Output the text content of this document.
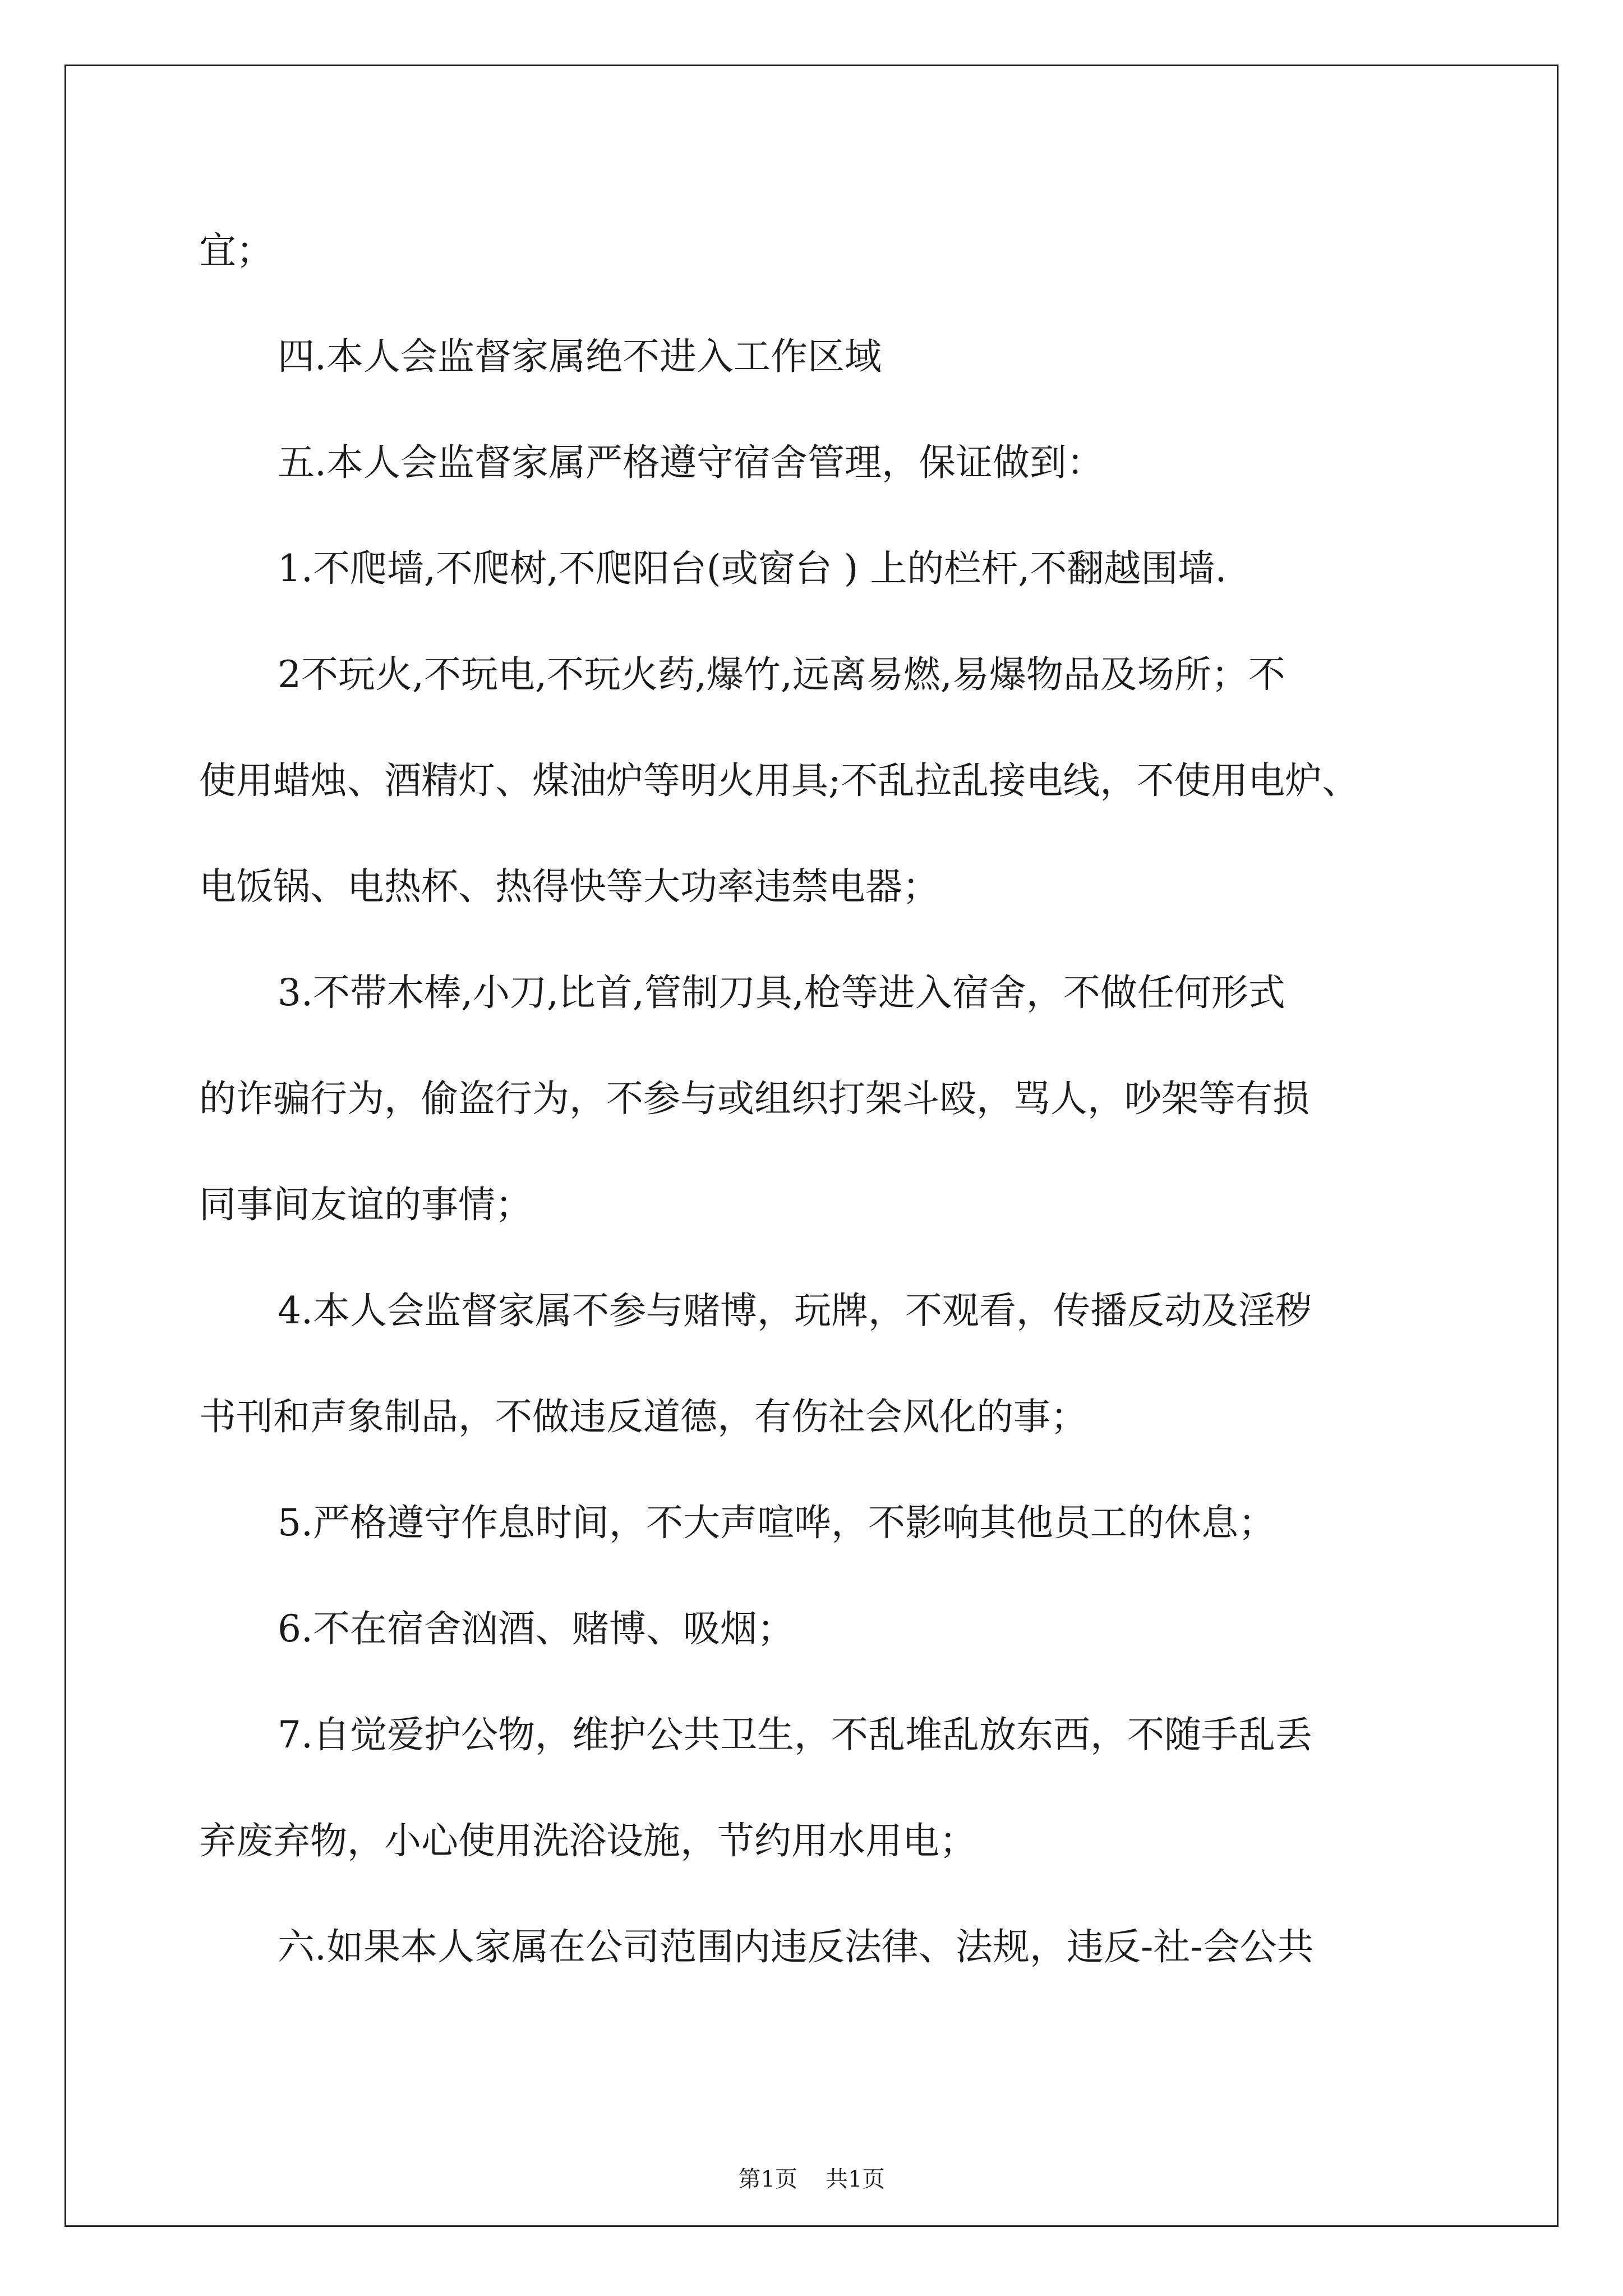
宜；
四.本人会监督家属绝不进入工作区域
五.本人会监督家属严格遵守宿舍管理，保证做到：
1.不爬墙,不爬树,不爬阳台(或窗台 ) 上的栏杆,不翻越围墙.
2不玩火,不玩电,不玩火药,爆竹,远离易燃,易爆物品及场所；不
使用蜡烛、酒精灯、煤油炉等明火用具;不乱拉乱接电线，不使用电炉、
电饭锅、电热杯、热得快等大功率违禁电器；
3.不带木棒,小刀,比首,管制刀具,枪等进入宿舍，不做任何形式
的诈骗行为，偷盗行为，不参与或组织打架斗殴，骂人，吵架等有损
同事间友谊的事情；
4.本人会监督家属不参与赌博，玩牌，不观看，传播反动及淫秽
书刊和声象制品，不做违反道德，有伤社会风化的事；
5.严格遵守作息时间，不大声喧哗，不影响其他员工的休息；
6.不在宿舍汹酒、赌博、吸烟；
7.自觉爱护公物，维护公共卫生，不乱堆乱放东西，不随手乱丢
弃废弃物，小心使用洗浴设施，节约用水用电；
六.如果本人家属在公司范围内违反法律、法规，违反-社-会公共
第1页 共1页
